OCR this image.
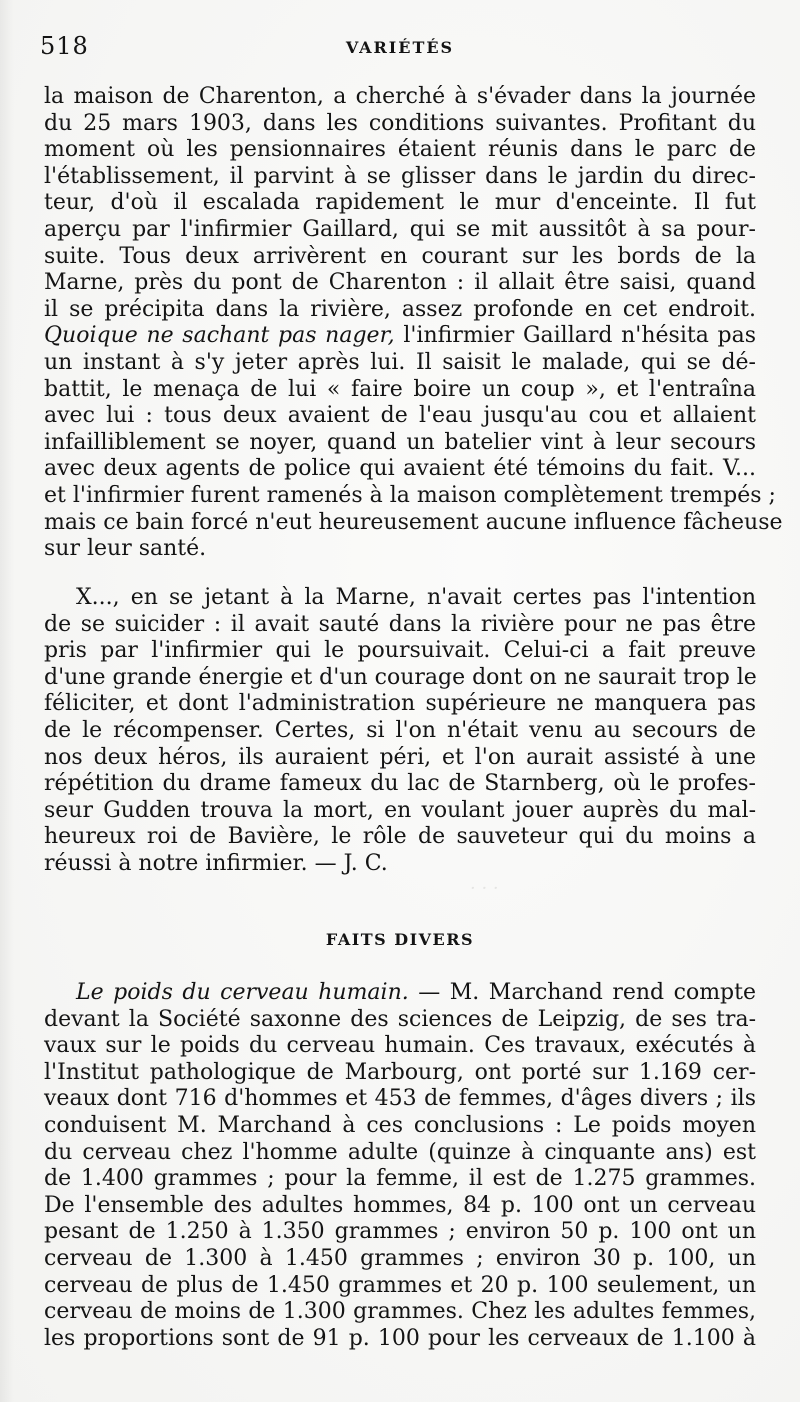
· · ·
518	VARIÉTÉS
la maison de Charenton, a cherché à s'évader dans la journée
du 25 mars 1903, dans les conditions suivantes. Profitant du
moment où les pensionnaires étaient réunis dans le parc de
l'établissement, il parvint à se glisser dans le jardin du direc-
teur, d'où il escalada rapidement le mur d'enceinte. Il fut
aperçu par l'infirmier Gaillard, qui se mit aussitôt à sa pour-
suite. Tous deux arrivèrent en courant sur les bords de la
Marne, près du pont de Charenton : il allait être saisi, quand
il se précipita dans la rivière, assez profonde en cet endroit.
Quoique ne sachant pas nager, l'infirmier Gaillard n'hésita pas
un instant à s'y jeter après lui. Il saisit le malade, qui se dé-
battit, le menaça de lui « faire boire un coup », et l'entraîna
avec lui : tous deux avaient de l'eau jusqu'au cou et allaient
infailliblement se noyer, quand un batelier vint à leur secours
avec deux agents de police qui avaient été témoins du fait. V...
et l'infirmier furent ramenés à la maison complètement trempés ;
mais ce bain forcé n'eut heureusement aucune influence fâcheuse
sur leur santé.
X..., en se jetant à la Marne, n'avait certes pas l'intention
de se suicider : il avait sauté dans la rivière pour ne pas être
pris par l'infirmier qui le poursuivait. Celui-ci a fait preuve
d'une grande énergie et d'un courage dont on ne saurait trop le
féliciter, et dont l'administration supérieure ne manquera pas
de le récompenser. Certes, si l'on n'était venu au secours de
nos deux héros, ils auraient péri, et l'on aurait assisté à une
répétition du drame fameux du lac de Starnberg, où le profes-
seur Gudden trouva la mort, en voulant jouer auprès du mal-
heureux roi de Bavière, le rôle de sauveteur qui du moins a
réussi à notre infirmier. — J. C.
FAITS DIVERS
Le poids du cerveau humain. — M. Marchand rend compte
devant la Société saxonne des sciences de Leipzig, de ses tra-
vaux sur le poids du cerveau humain. Ces travaux, exécutés à
l'Institut pathologique de Marbourg, ont porté sur 1.169 cer-
veaux dont 716 d'hommes et 453 de femmes, d'âges divers ; ils
conduisent M. Marchand à ces conclusions : Le poids moyen
du cerveau chez l'homme adulte (quinze à cinquante ans) est
de 1.400 grammes ; pour la femme, il est de 1.275 grammes.
De l'ensemble des adultes hommes, 84 p. 100 ont un cerveau
pesant de 1.250 à 1.350 grammes ; environ 50 p. 100 ont un
cerveau de 1.300 à 1.450 grammes ; environ 30 p. 100, un
cerveau de plus de 1.450 grammes et 20 p. 100 seulement, un
cerveau de moins de 1.300 grammes. Chez les adultes femmes,
les proportions sont de 91 p. 100 pour les cerveaux de 1.100 à
